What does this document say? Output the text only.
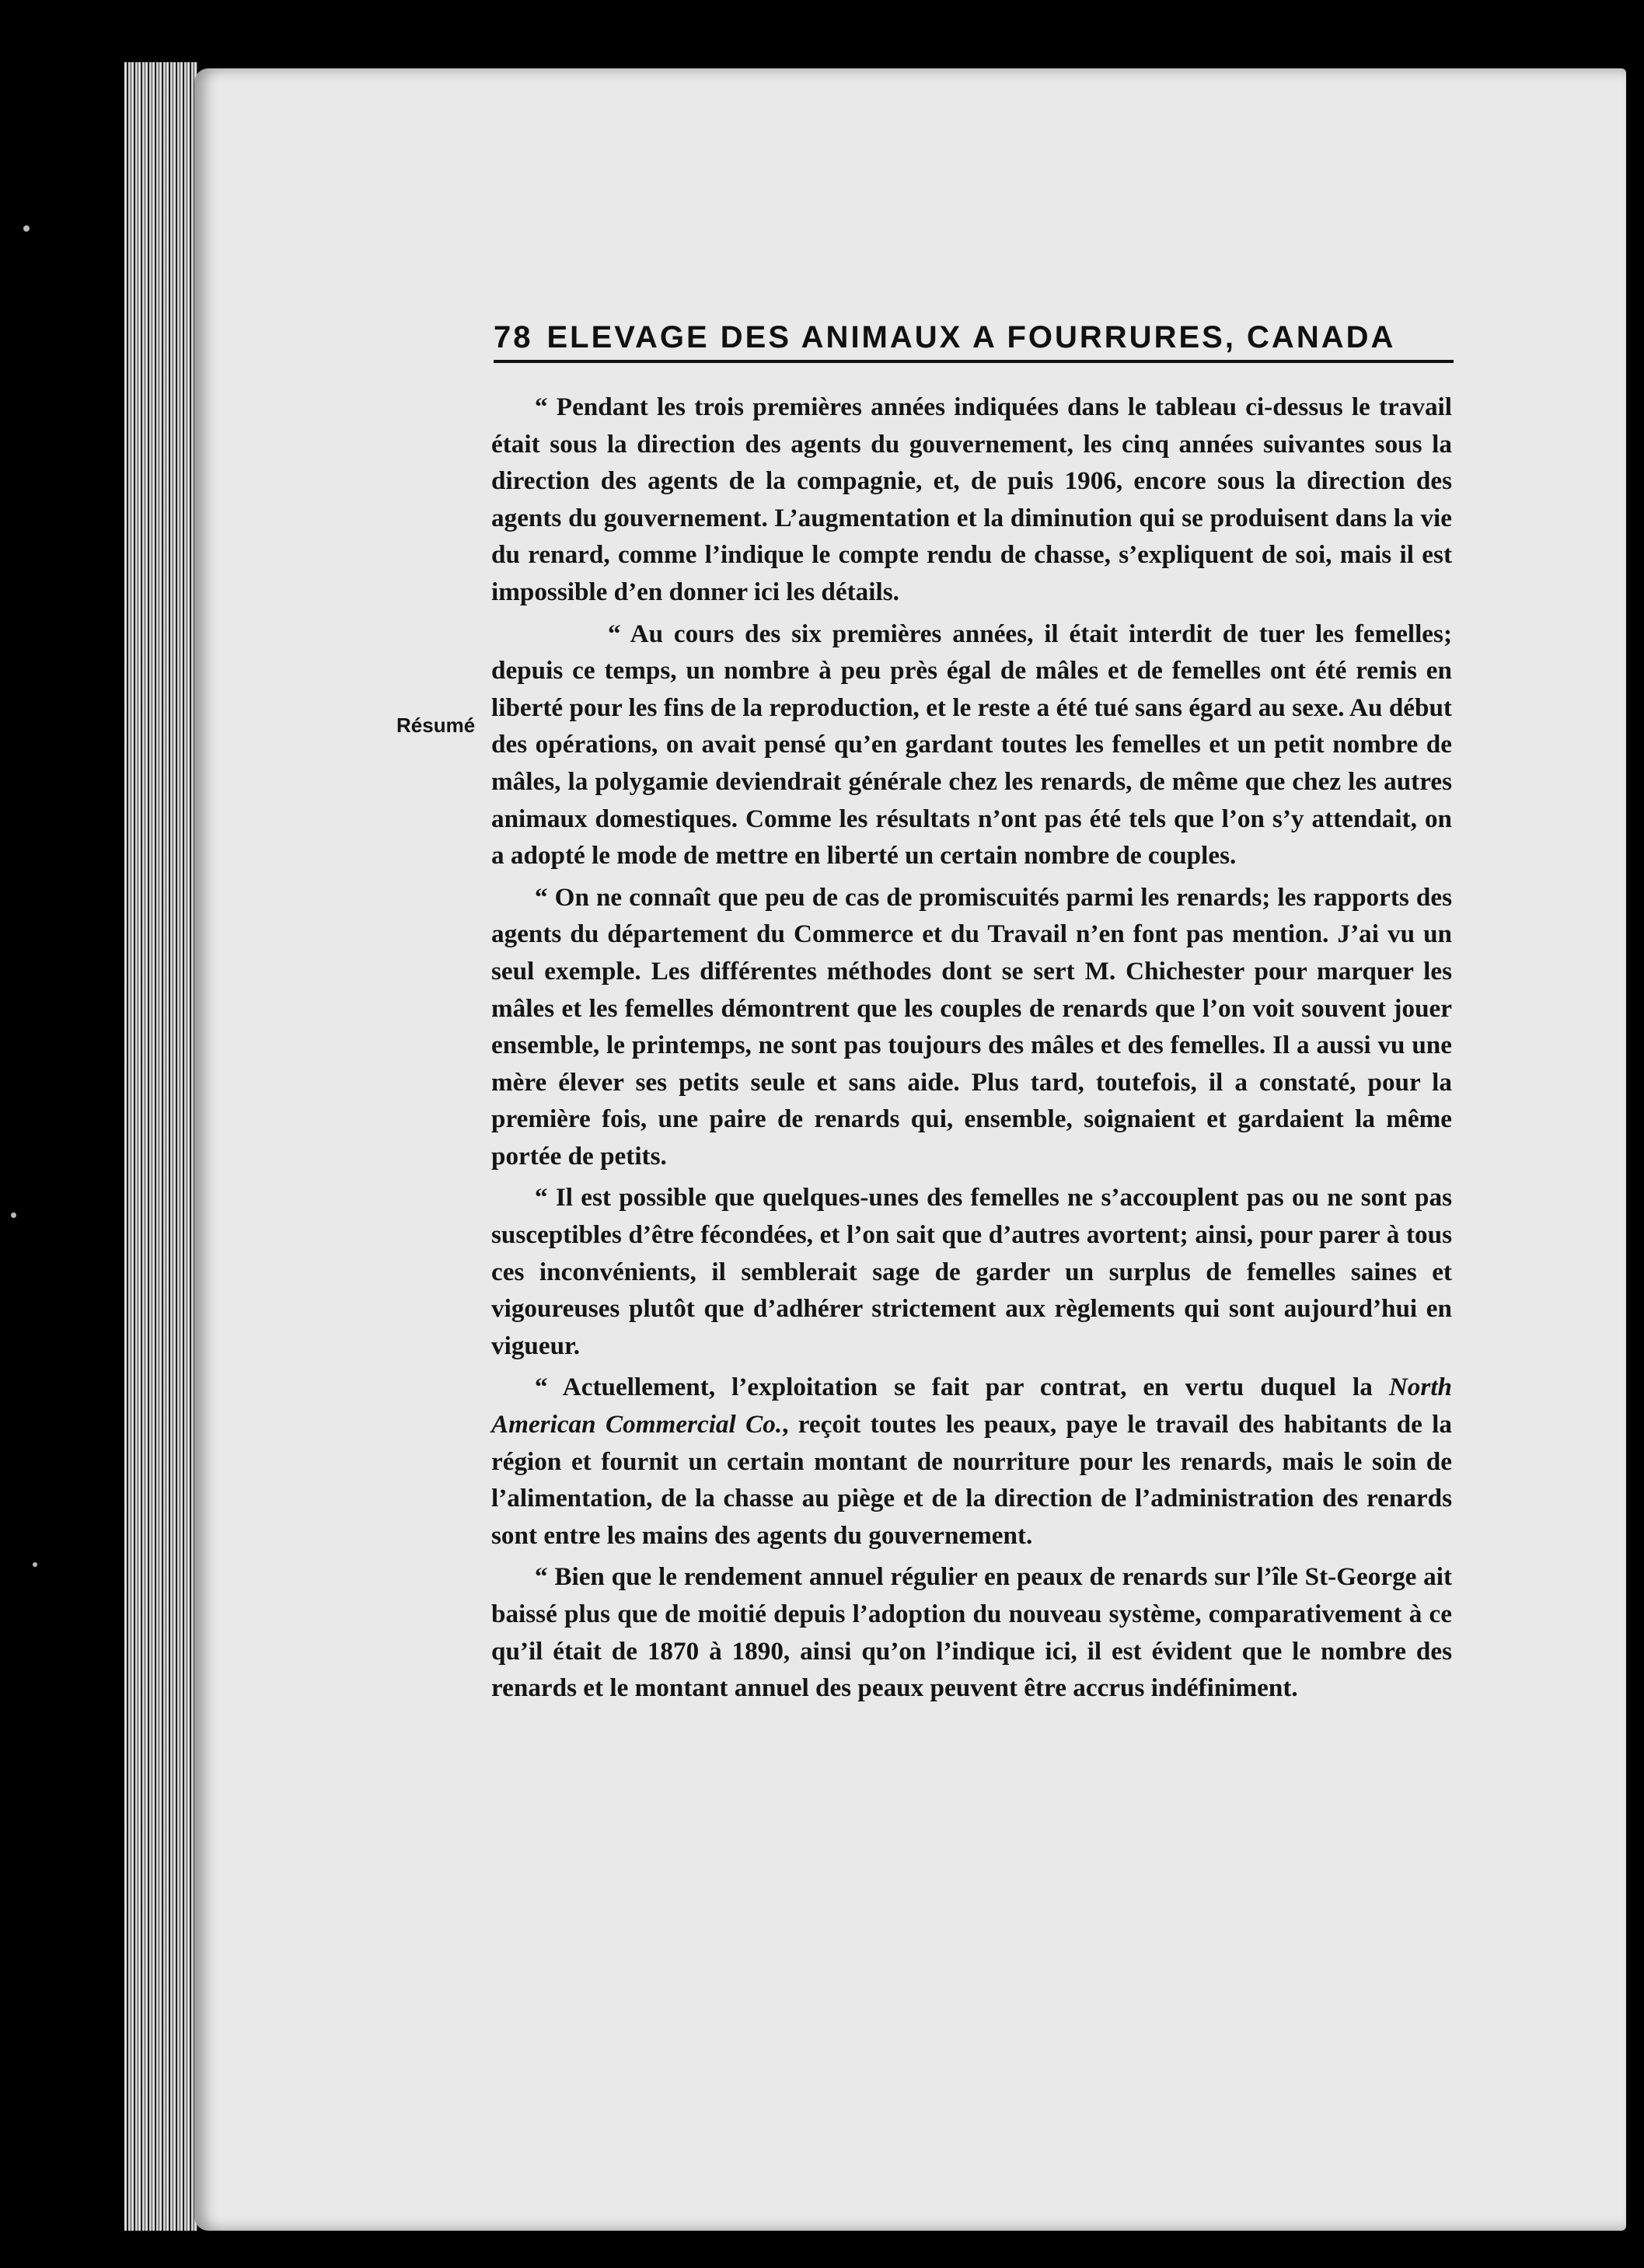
78 ELEVAGE DES ANIMAUX A FOURRURES, CANADA
Résumé

“ Pendant les trois premières années indiquées dans le tableau ci-dessus le travail était sous la direction des agents du gouvernement, les cinq années suivantes sous la direction des agents de la compagnie, et, de puis 1906, encore sous la direction des agents du gouvernement. L’augmentation et la diminution qui se produisent dans la vie du renard, comme l’indique le compte rendu de chasse, s’expliquent de soi, mais il est impossible d’en donner ici les détails.

“ Au cours des six premières années, il était interdit de tuer les femelles; depuis ce temps, un nombre à peu près égal de mâles et de femelles ont été remis en liberté pour les fins de la reproduction, et le reste a été tué sans égard au sexe. Au début des opérations, on avait pensé qu’en gardant toutes les femelles et un petit nombre de mâles, la polygamie deviendrait générale chez les renards, de même que chez les autres animaux domestiques. Comme les résultats n’ont pas été tels que l’on s’y attendait, on a adopté le mode de mettre en liberté un certain nombre de couples.

“ On ne connaît que peu de cas de promiscuités parmi les renards; les rapports des agents du département du Commerce et du Travail n’en font pas mention. J’ai vu un seul exemple. Les différentes méthodes dont se sert M. Chichester pour marquer les mâles et les femelles démontrent que les couples de renards que l’on voit souvent jouer ensemble, le printemps, ne sont pas toujours des mâles et des femelles. Il a aussi vu une mère élever ses petits seule et sans aide. Plus tard, toutefois, il a constaté, pour la première fois, une paire de renards qui, ensemble, soignaient et gardaient la même portée de petits.

“ Il est possible que quelques-unes des femelles ne s’accouplent pas ou ne sont pas susceptibles d’être fécondées, et l’on sait que d’autres avortent; ainsi, pour parer à tous ces inconvénients, il semblerait sage de garder un surplus de femelles saines et vigoureuses plutôt que d’adhérer strictement aux règlements qui sont aujourd’hui en vigueur.

“ Actuellement, l’exploitation se fait par contrat, en vertu duquel la North American Commercial Co., reçoit toutes les peaux, paye le travail des habitants de la région et fournit un certain montant de nourriture pour les renards, mais le soin de l’alimentation, de la chasse au piège et de la direction de l’administration des renards sont entre les mains des agents du gouvernement.

“ Bien que le rendement annuel régulier en peaux de renards sur l’île St-George ait baissé plus que de moitié depuis l’adoption du nouveau système, comparativement à ce qu’il était de 1870 à 1890, ainsi qu’on l’indique ici, il est évident que le nombre des renards et le montant annuel des peaux peuvent être accrus indéfiniment.
